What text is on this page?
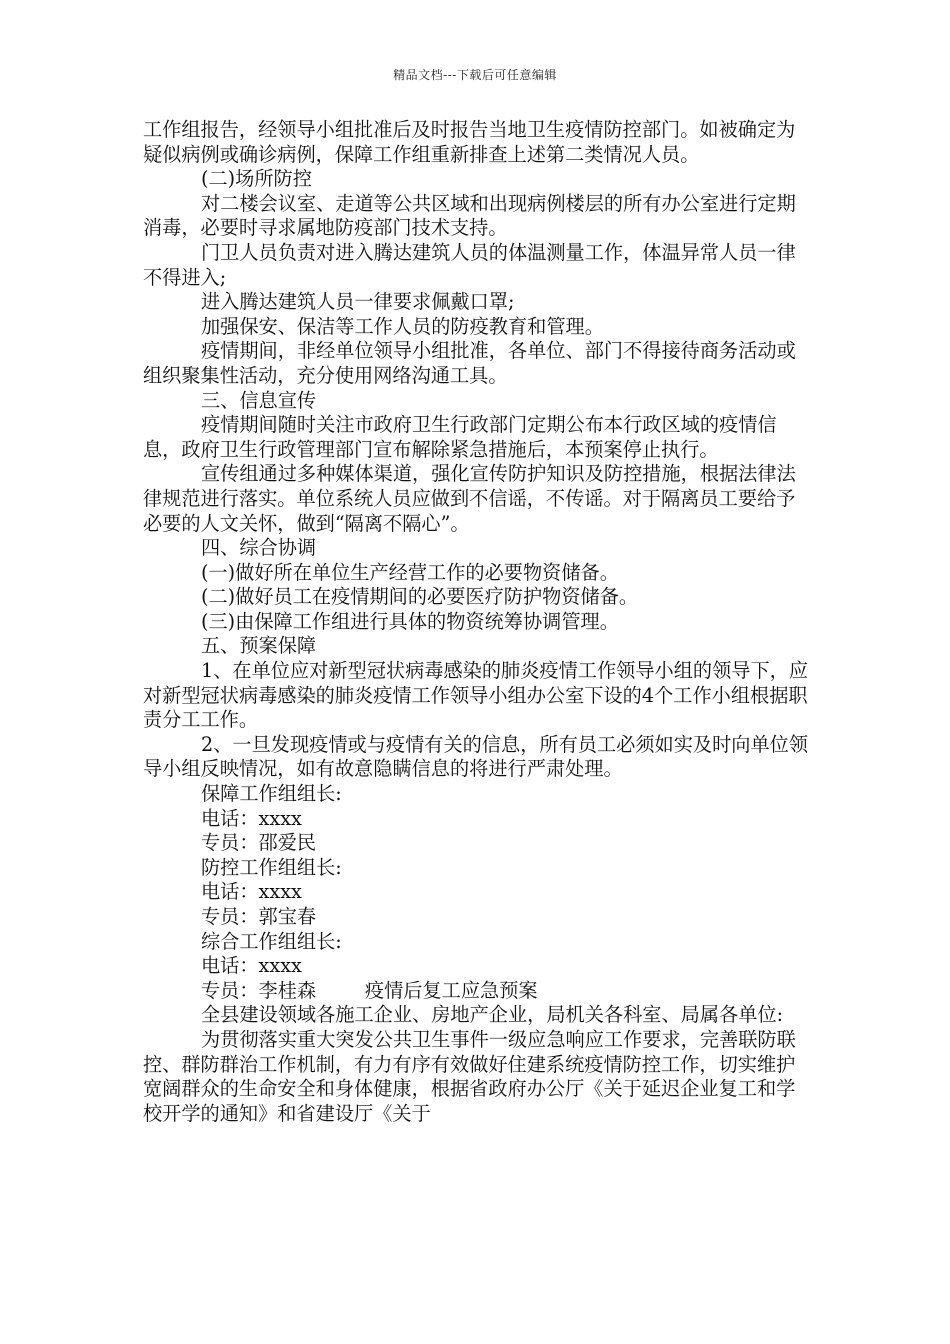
精品文档---下载后可任意编辑

工作组报告，经领导小组批准后及时报告当地卫生疫情防控部门。如被确定为疑似病例或确诊病例，保障工作组重新排查上述第二类情况人员。

(二)场所防控

对二楼会议室、走道等公共区域和出现病例楼层的所有办公室进行定期消毒，必要时寻求属地防疫部门技术支持。

门卫人员负责对进入腾达建筑人员的体温测量工作，体温异常人员一律不得进入;

进入腾达建筑人员一律要求佩戴口罩;

加强保安、保洁等工作人员的防疫教育和管理。

疫情期间，非经单位领导小组批准，各单位、部门不得接待商务活动或组织聚集性活动，充分使用网络沟通工具。

三、信息宣传

疫情期间随时关注市政府卫生行政部门定期公布本行政区域的疫情信息，政府卫生行政管理部门宣布解除紧急措施后，本预案停止执行。

宣传组通过多种媒体渠道，强化宣传防护知识及防控措施，根据法律法律规范进行落实。单位系统人员应做到不信谣，不传谣。对于隔离员工要给予必要的人文关怀，做到“隔离不隔心”。

四、综合协调

(一)做好所在单位生产经营工作的必要物资储备。

(二)做好员工在疫情期间的必要医疗防护物资储备。

(三)由保障工作组进行具体的物资统筹协调管理。

五、预案保障

1、在单位应对新型冠状病毒感染的肺炎疫情工作领导小组的领导下，应对新型冠状病毒感染的肺炎疫情工作领导小组办公室下设的4个工作小组根据职责分工工作。

2、一旦发现疫情或与疫情有关的信息，所有员工必须如实及时向单位领导小组反映情况，如有故意隐瞒信息的将进行严肃处理。

保障工作组组长:

电话：xxxx

专员：邵爱民

防控工作组组长:

电话：xxxx

专员：郭宝春

综合工作组组长:

电话：xxxx

专员：李桂森        疫情后复工应急预案

全县建设领域各施工企业、房地产企业，局机关各科室、局属各单位:

为贯彻落实重大突发公共卫生事件一级应急响应工作要求，完善联防联控、群防群治工作机制，有力有序有效做好住建系统疫情防控工作，切实维护宽阔群众的生命安全和身体健康，根据省政府办公厅《关于延迟企业复工和学校开学的通知》和省建设厅《关于
